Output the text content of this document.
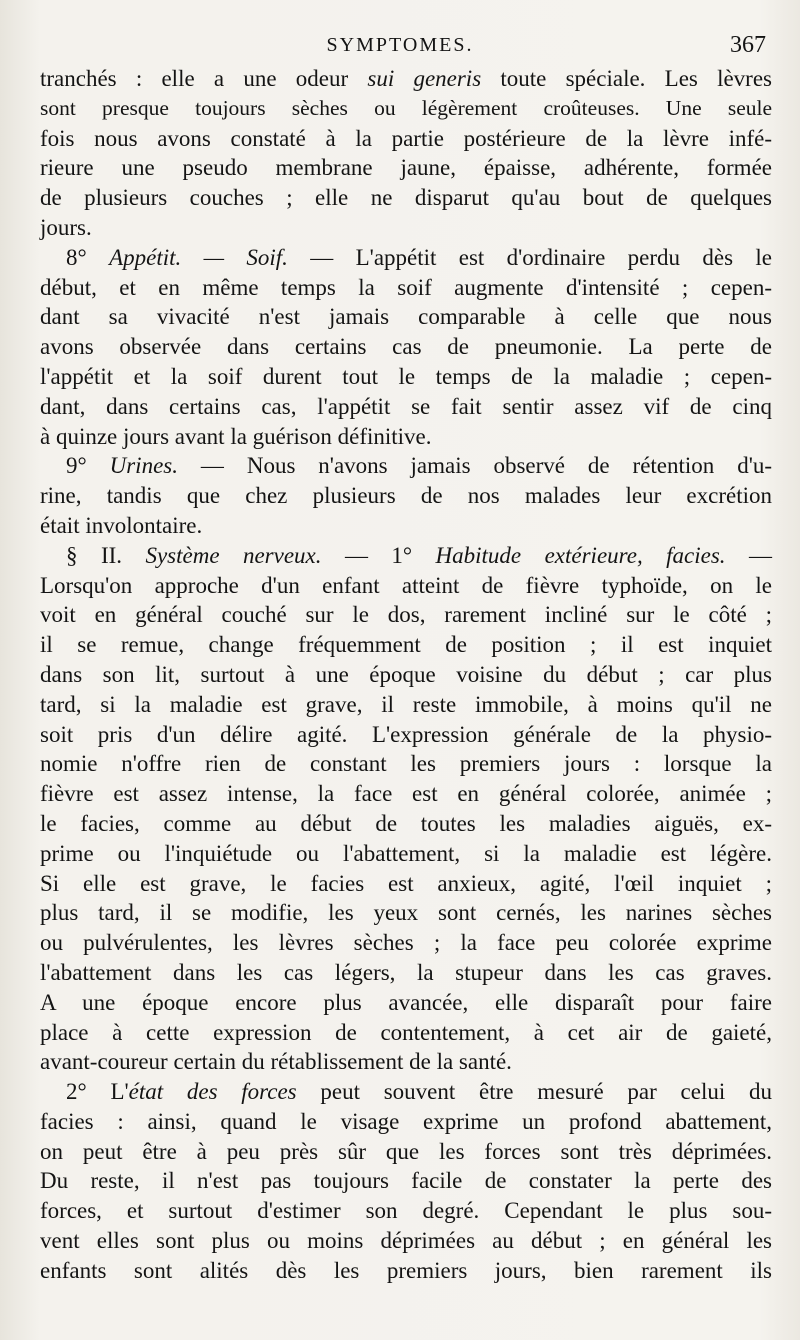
SYMPTOMES.	367
tranchés : elle a une odeur sui generis toute spéciale. Les lèvres
sont presque toujours sèches ou légèrement croûteuses. Une seule
fois nous avons constaté à la partie postérieure de la lèvre infé-
rieure une pseudo membrane jaune, épaisse, adhérente, formée
de plusieurs couches ; elle ne disparut qu'au bout de quelques
jours.
8° Appétit. — Soif. — L'appétit est d'ordinaire perdu dès le
début, et en même temps la soif augmente d'intensité ; cepen-
dant sa vivacité n'est jamais comparable à celle que nous
avons observée dans certains cas de pneumonie. La perte de
l'appétit et la soif durent tout le temps de la maladie ; cepen-
dant, dans certains cas, l'appétit se fait sentir assez vif de cinq
à quinze jours avant la guérison définitive.
9° Urines. — Nous n'avons jamais observé de rétention d'u-
rine, tandis que chez plusieurs de nos malades leur excrétion
était involontaire.
§ II. Système nerveux. — 1° Habitude extérieure, facies. —
Lorsqu'on approche d'un enfant atteint de fièvre typhoïde, on le
voit en général couché sur le dos, rarement incliné sur le côté ;
il se remue, change fréquemment de position ; il est inquiet
dans son lit, surtout à une époque voisine du début ; car plus
tard, si la maladie est grave, il reste immobile, à moins qu'il ne
soit pris d'un délire agité. L'expression générale de la physio-
nomie n'offre rien de constant les premiers jours : lorsque la
fièvre est assez intense, la face est en général colorée, animée ;
le facies, comme au début de toutes les maladies aiguës, ex-
prime ou l'inquiétude ou l'abattement, si la maladie est légère.
Si elle est grave, le facies est anxieux, agité, l'œil inquiet ;
plus tard, il se modifie, les yeux sont cernés, les narines sèches
ou pulvérulentes, les lèvres sèches ; la face peu colorée exprime
l'abattement dans les cas légers, la stupeur dans les cas graves.
A une époque encore plus avancée, elle disparaît pour faire
place à cette expression de contentement, à cet air de gaieté,
avant-coureur certain du rétablissement de la santé.
2° L'état des forces peut souvent être mesuré par celui du
facies : ainsi, quand le visage exprime un profond abattement,
on peut être à peu près sûr que les forces sont très déprimées.
Du reste, il n'est pas toujours facile de constater la perte des
forces, et surtout d'estimer son degré. Cependant le plus sou-
vent elles sont plus ou moins déprimées au début ; en général les
enfants sont alités dès les premiers jours, bien rarement ils
